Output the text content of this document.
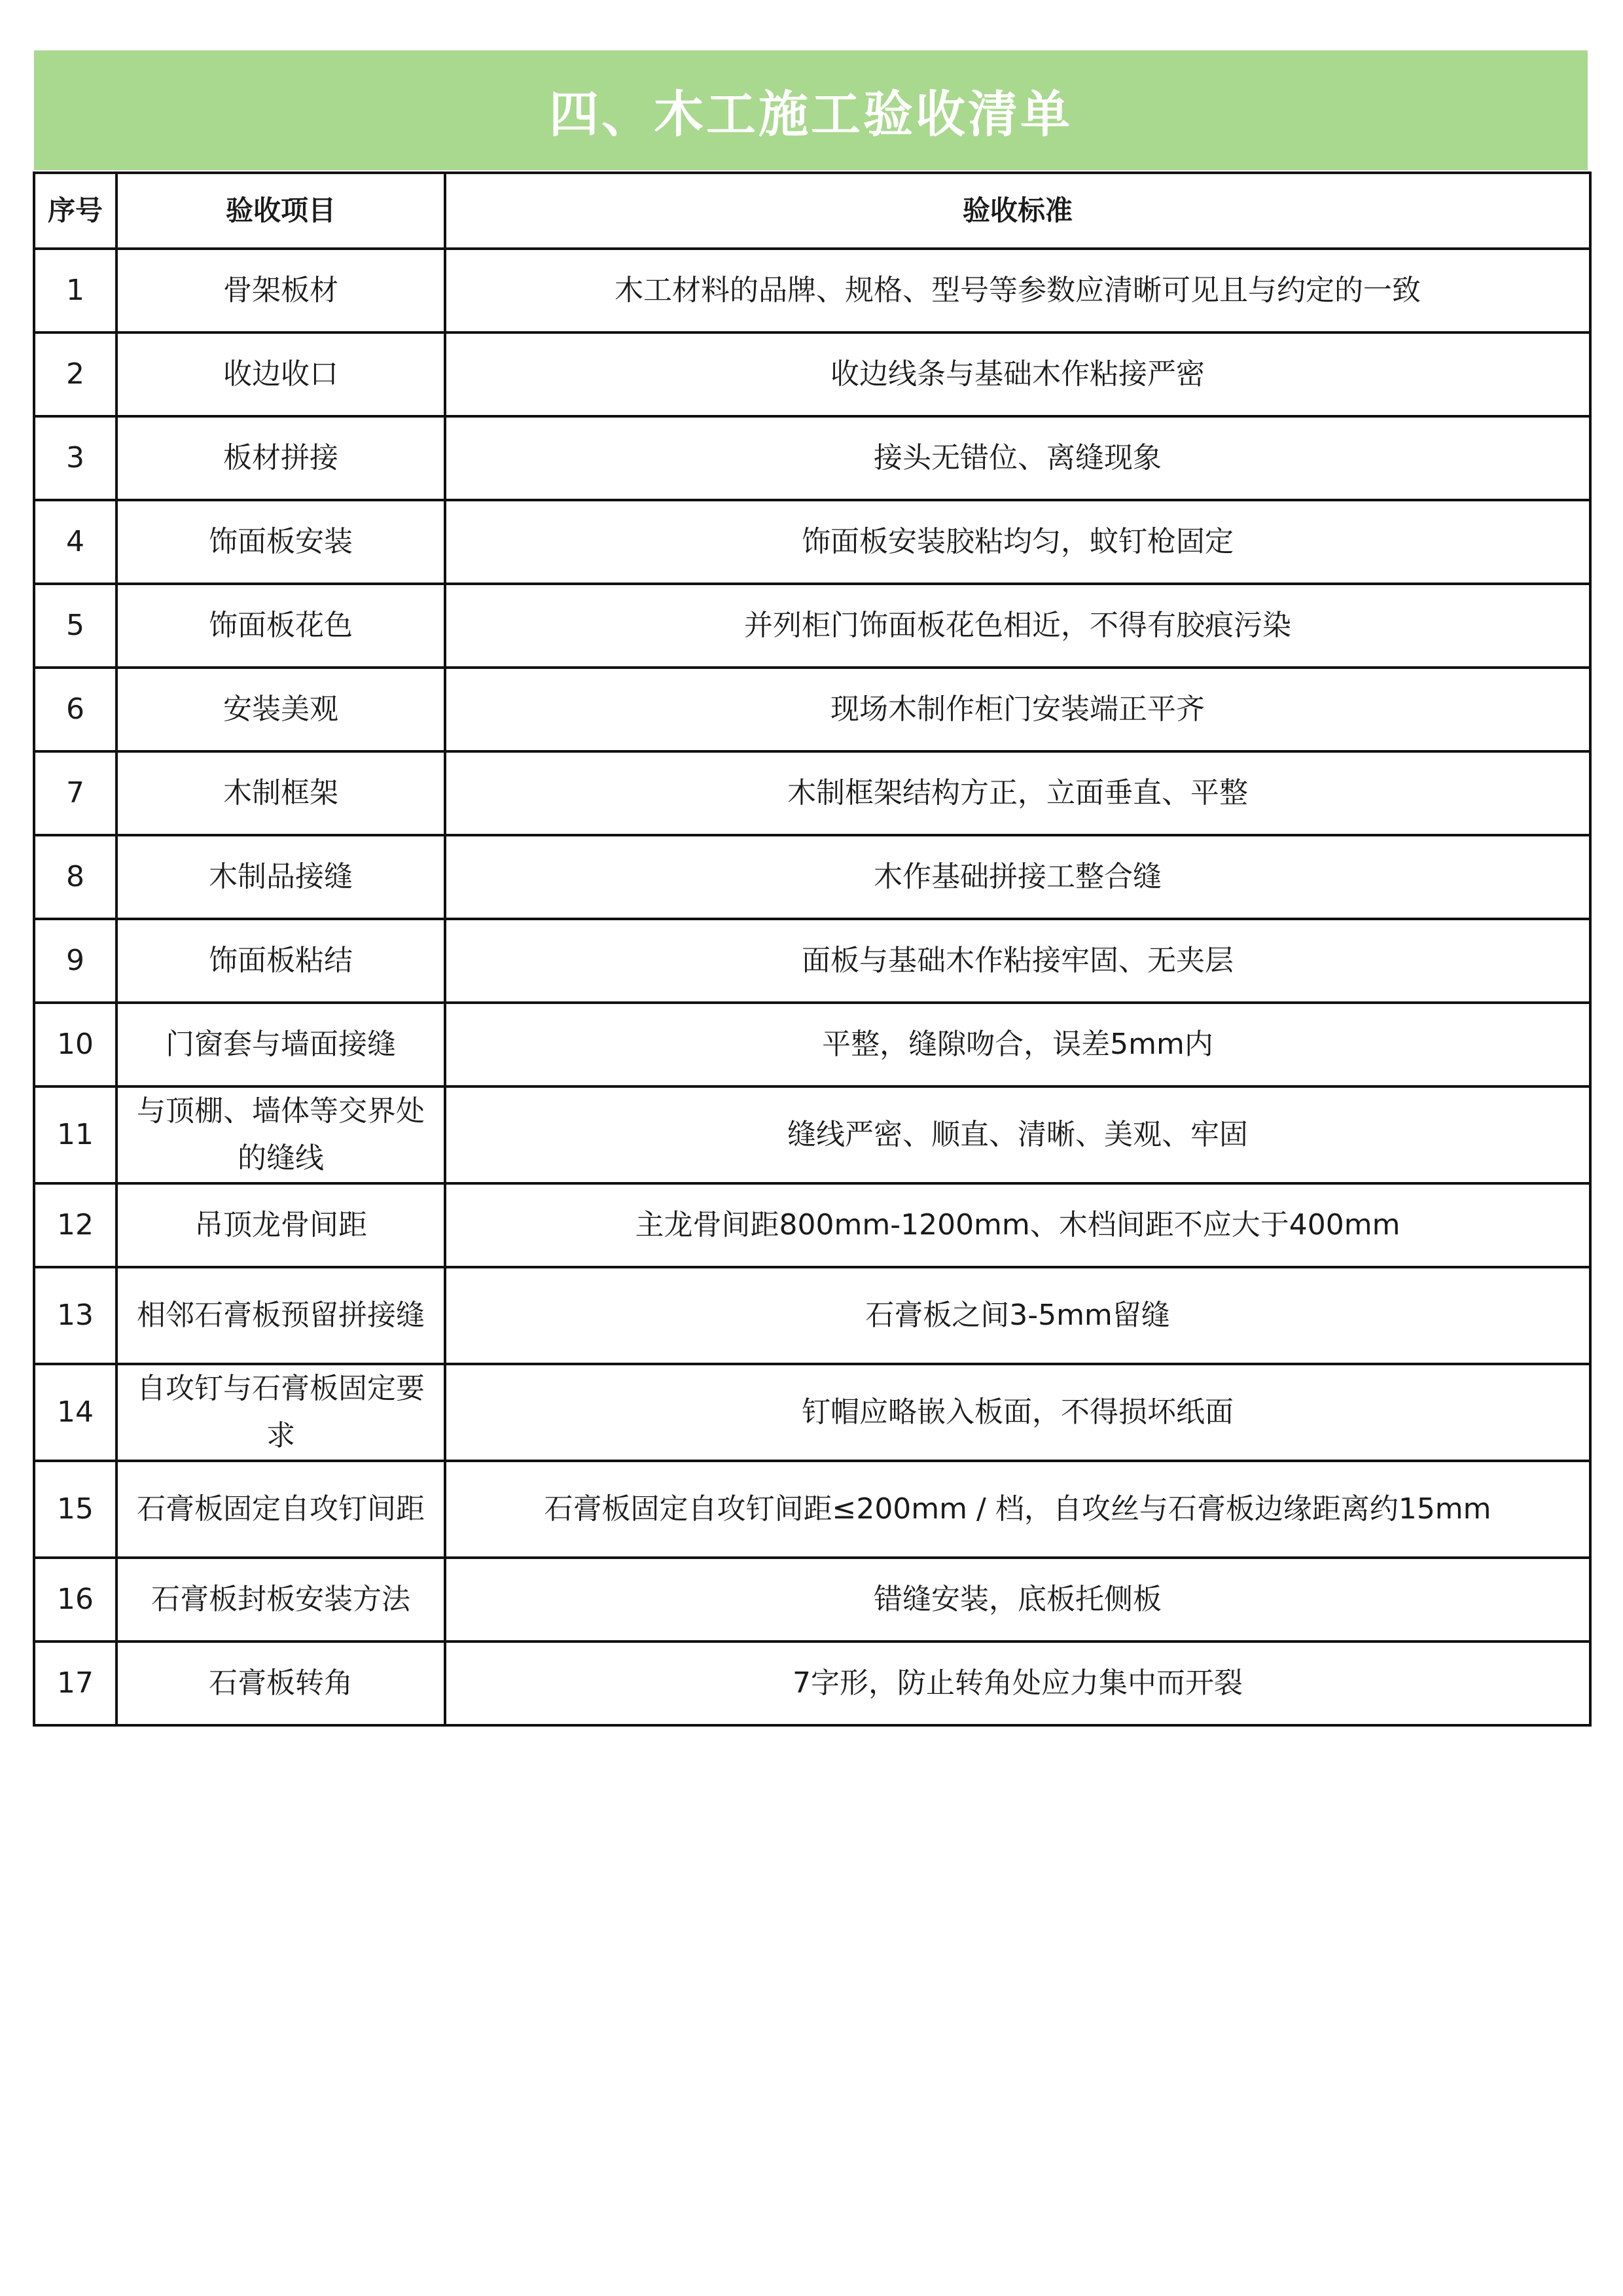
四、木工施工验收清单
序号	验收项目	验收标准
1	骨架板材	木工材料的品牌、规格、型号等参数应清晰可见且与约定的一致
2	收边收口	收边线条与基础木作粘接严密
3	板材拼接	接头无错位、离缝现象
4	饰面板安装	饰面板安装胶粘均匀，蚊钉枪固定
5	饰面板花色	并列柜门饰面板花色相近，不得有胶痕污染
6	安装美观	现场木制作柜门安装端正平齐
7	木制框架	木制框架结构方正，立面垂直、平整
8	木制品接缝	木作基础拼接工整合缝
9	饰面板粘结	面板与基础木作粘接牢固、无夹层
10	门窗套与墙面接缝	平整，缝隙吻合，误差5mm内
11	与顶棚、墙体等交界处的缝线	缝线严密、顺直、清晰、美观、牢固
12	吊顶龙骨间距	主龙骨间距800mm-1200mm、木档间距不应大于400mm
13	相邻石膏板预留拼接缝	石膏板之间3-5mm留缝
14	自攻钉与石膏板固定要求	钉帽应略嵌入板面，不得损坏纸面
15	石膏板固定自攻钉间距	石膏板固定自攻钉间距≤200mm / 档，自攻丝与石膏板边缘距离约15mm
16	石膏板封板安装方法	错缝安装，底板托侧板
17	石膏板转角	7字形，防止转角处应力集中而开裂
